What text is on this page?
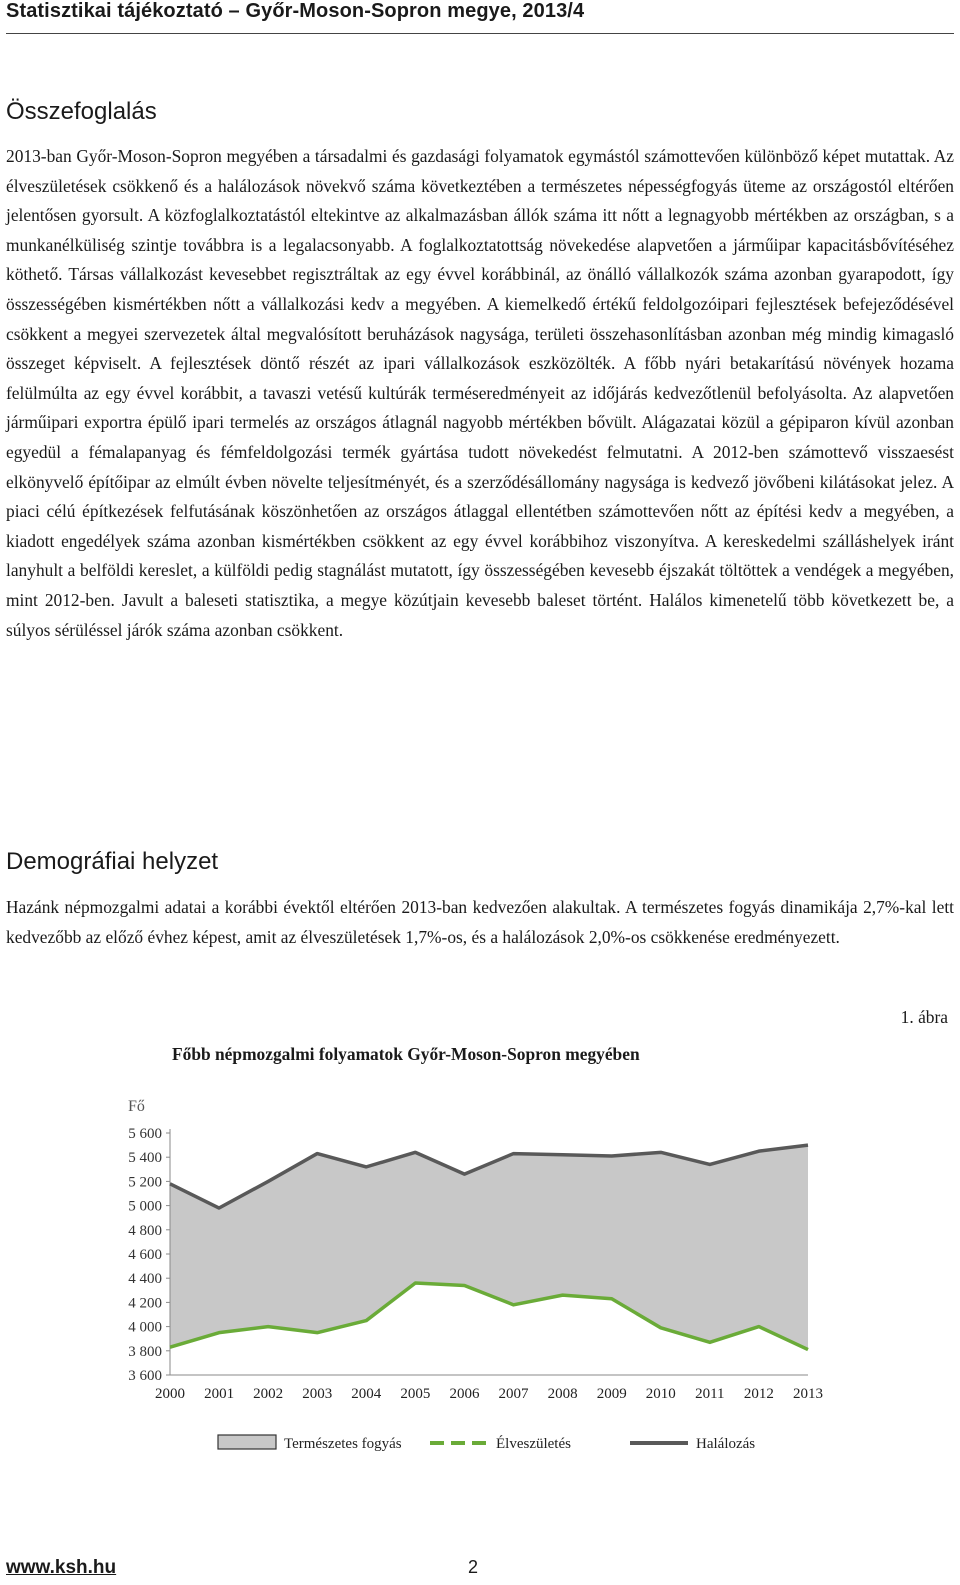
Statisztikai tájékoztató – Győr-Moson-Sopron megye, 2013/4
Összefoglalás

2013-ban Győr-Moson-Sopron megyében a társadalmi és gazdasági folyamatok egymástól számottevően különböző képet mutattak. Az élveszületések csökkenő és a halálozások növekvő száma következtében a természetes népességfogyás üteme az országostól eltérően jelentősen gyorsult. A közfoglalkoztatástól eltekintve az alkalmazásban állók száma itt nőtt a legnagyobb mértékben az országban, s a munkanélküliség szintje továbbra is a legalacsonyabb. A foglalkoztatottság növekedése alapvetően a járműipar kapacitásbővítéséhez köthető. Társas vállalkozást kevesebbet regisztráltak az egy évvel korábbinál, az önálló vállalkozók száma azonban gyarapodott, így összességében kismértékben nőtt a vállalkozási kedv a megyében. A kiemelkedő értékű feldolgozóipari fejlesztések befejeződésével csökkent a megyei szervezetek által megvalósított beruházások nagysága, területi összehasonlításban azonban még mindig kimagasló összeget képviselt. A fejlesztések döntő részét az ipari vállalkozások eszközölték. A főbb nyári betakarítású növények hozama felülmúlta az egy évvel korábbit, a tavaszi vetésű kultúrák terméseredményeit az időjárás kedvezőtlenül befolyásolta. Az alapvetően járműipari exportra épülő ipari termelés az országos átlagnál nagyobb mértékben bővült. Alágazatai közül a gépiparon kívül azonban egyedül a fémalapanyag és fémfeldolgozási termék gyártása tudott növekedést felmutatni. A 2012-ben számottevő visszaesést elkönyvelő építőipar az elmúlt évben növelte teljesítményét, és a szerződésállomány nagysága is kedvező jövőbeni kilátásokat jelez. A piaci célú építkezések felfutásának köszönhetően az országos átlaggal ellentétben számottevően nőtt az építési kedv a megyében, a kiadott engedélyek száma azonban kismértékben csökkent az egy évvel korábbihoz viszonyítva. A kereskedelmi szálláshelyek iránt lanyhult a belföldi kereslet, a külföldi pedig stagnálást mutatott, így összességében kevesebb éjszakát töltöttek a vendégek a megyében, mint 2012-ben. Javult a baleseti statisztika, a megye közútjain kevesebb baleset történt. Halálos kimenetelű több következett be, a súlyos sérüléssel járók száma azonban csökkent.

Demográfiai helyzet

Hazánk népmozgalmi adatai a korábbi évektől eltérően 2013-ban kedvezően alakultak. A természetes fogyás dinamikája 2,7%-kal lett kedvezőbb az előző évhez képest, amit az élveszületések 1,7%-os, és a halálozások 2,0%-os csökkenése eredményezett.

1. ábra
Főbb népmozgalmi folyamatok Győr-Moson-Sopron megyében
3 600
3 800
4 000
4 200
4 400
4 600
4 800
5 000
5 200
5 400
5 600
Fő
2000 2001 2002 2003 2004 2005 2006 2007 2008 2009 2010 2011 2012 2013
Természetes fogyás	Élveszületés	Halálozás
www.ksh.hu	2
